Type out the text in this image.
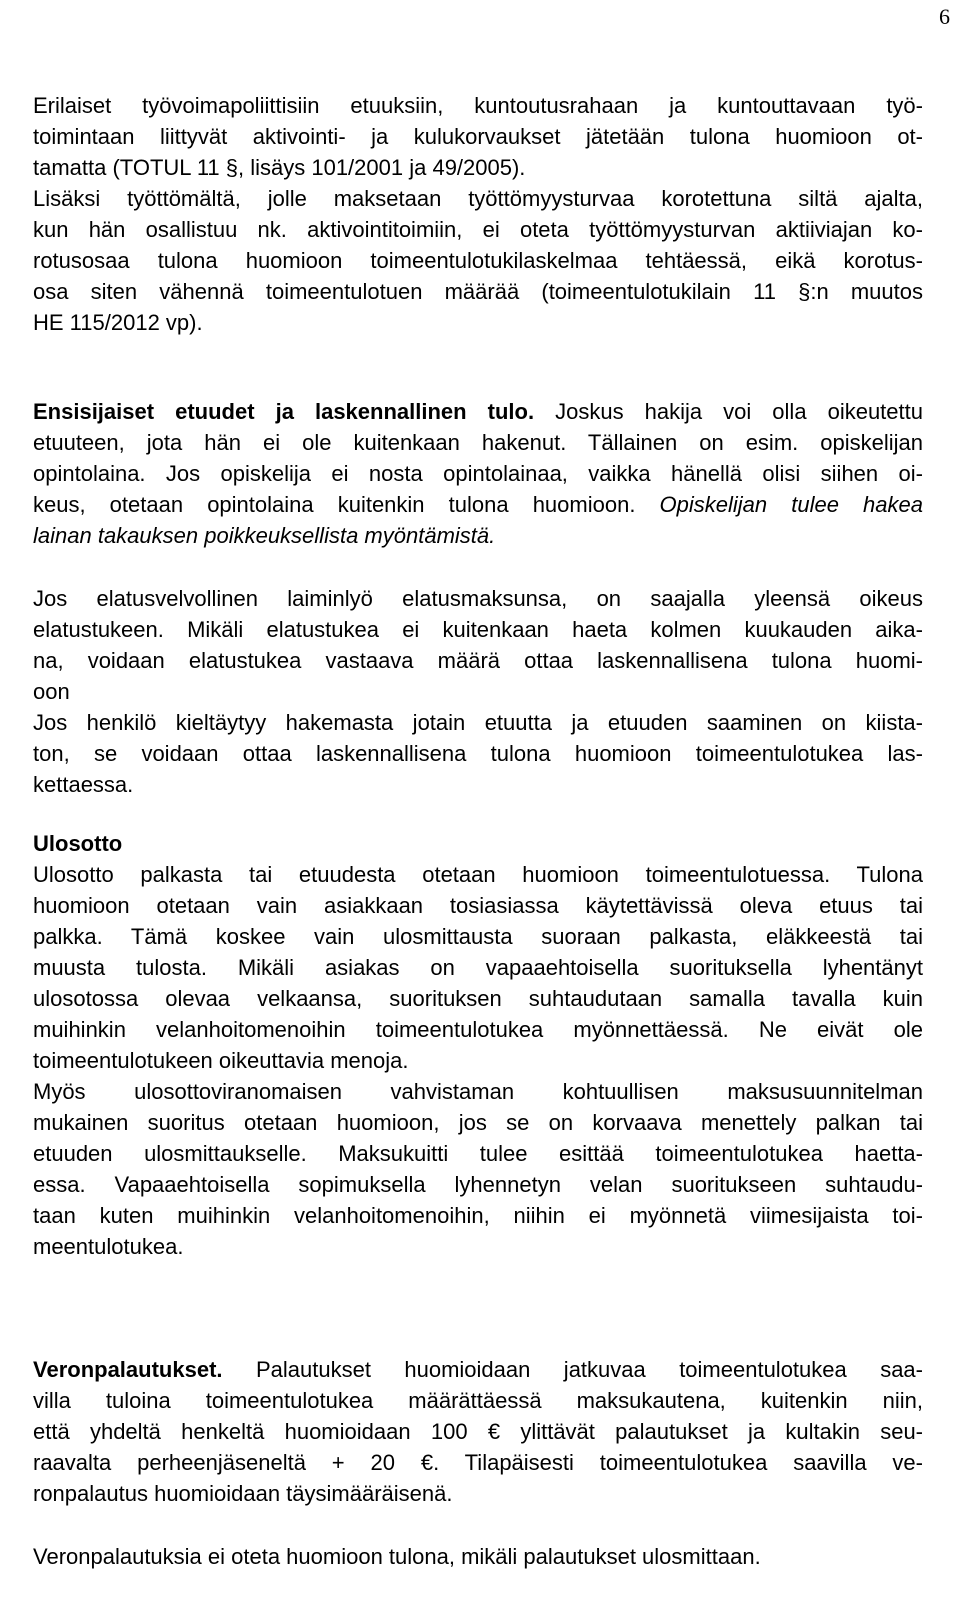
6
Erilaiset työvoimapoliittisiin etuuksiin, kuntoutusrahaan ja kuntouttavaan työ-
toimintaan liittyvät aktivointi- ja kulukorvaukset jätetään tulona huomioon ot-
tamatta (TOTUL 11 §, lisäys 101/2001 ja 49/2005).
Lisäksi työttömältä, jolle maksetaan työttömyysturvaa korotettuna siltä ajalta,
kun hän osallistuu nk. aktivointitoimiin, ei oteta työttömyysturvan aktiiviajan ko-
rotusosaa tulona huomioon toimeentulotukilaskelmaa tehtäessä, eikä korotus-
osa siten vähennä toimeentulotuen määrää (toimeentulotukilain 11 §:n muutos
HE 115/2012 vp).
Ensisijaiset etuudet ja laskennallinen tulo. Joskus hakija voi olla oikeutettu
etuuteen, jota hän ei ole kuitenkaan hakenut. Tällainen on esim. opiskelijan
opintolaina. Jos opiskelija ei nosta opintolainaa, vaikka hänellä olisi siihen oi-
keus, otetaan opintolaina kuitenkin tulona huomioon. Opiskelijan tulee hakea
lainan takauksen poikkeuksellista myöntämistä.
Jos elatusvelvollinen laiminlyö elatusmaksunsa, on saajalla yleensä oikeus
elatustukeen. Mikäli elatustukea ei kuitenkaan haeta kolmen kuukauden aika-
na, voidaan elatustukea vastaava määrä ottaa laskennallisena tulona huomi-
oon
Jos henkilö kieltäytyy hakemasta jotain etuutta ja etuuden saaminen on kiista-
ton, se voidaan ottaa laskennallisena tulona huomioon toimeentulotukea las-
kettaessa.
Ulosotto
Ulosotto palkasta tai etuudesta otetaan huomioon toimeentulotuessa. Tulona
huomioon otetaan vain asiakkaan tosiasiassa käytettävissä oleva etuus tai
palkka. Tämä koskee vain ulosmittausta suoraan palkasta, eläkkeestä tai
muusta tulosta. Mikäli asiakas on vapaaehtoisella suorituksella lyhentänyt
ulosotossa olevaa velkaansa, suorituksen suhtaudutaan samalla tavalla kuin
muihinkin velanhoitomenoihin toimeentulotukea myönnettäessä. Ne eivät ole
toimeentulotukeen oikeuttavia menoja.
Myös ulosottoviranomaisen vahvistaman kohtuullisen maksusuunnitelman
mukainen suoritus otetaan huomioon, jos se on korvaava menettely palkan tai
etuuden ulosmittaukselle. Maksukuitti tulee esittää toimeentulotukea haetta-
essa. Vapaaehtoisella sopimuksella lyhennetyn velan suoritukseen suhtaudu-
taan kuten muihinkin velanhoitomenoihin, niihin ei myönnetä viimesijaista toi-
meentulotukea.
Veronpalautukset. Palautukset huomioidaan jatkuvaa toimeentulotukea saa-
villa tuloina toimeentulotukea määrättäessä maksukautena, kuitenkin niin,
että yhdeltä henkeltä huomioidaan 100 € ylittävät palautukset ja kultakin seu-
raavalta perheenjäseneltä + 20 €. Tilapäisesti toimeentulotukea saavilla ve-
ronpalautus huomioidaan täysimääräisenä.
Veronpalautuksia ei oteta huomioon tulona, mikäli palautukset ulosmittaan.
